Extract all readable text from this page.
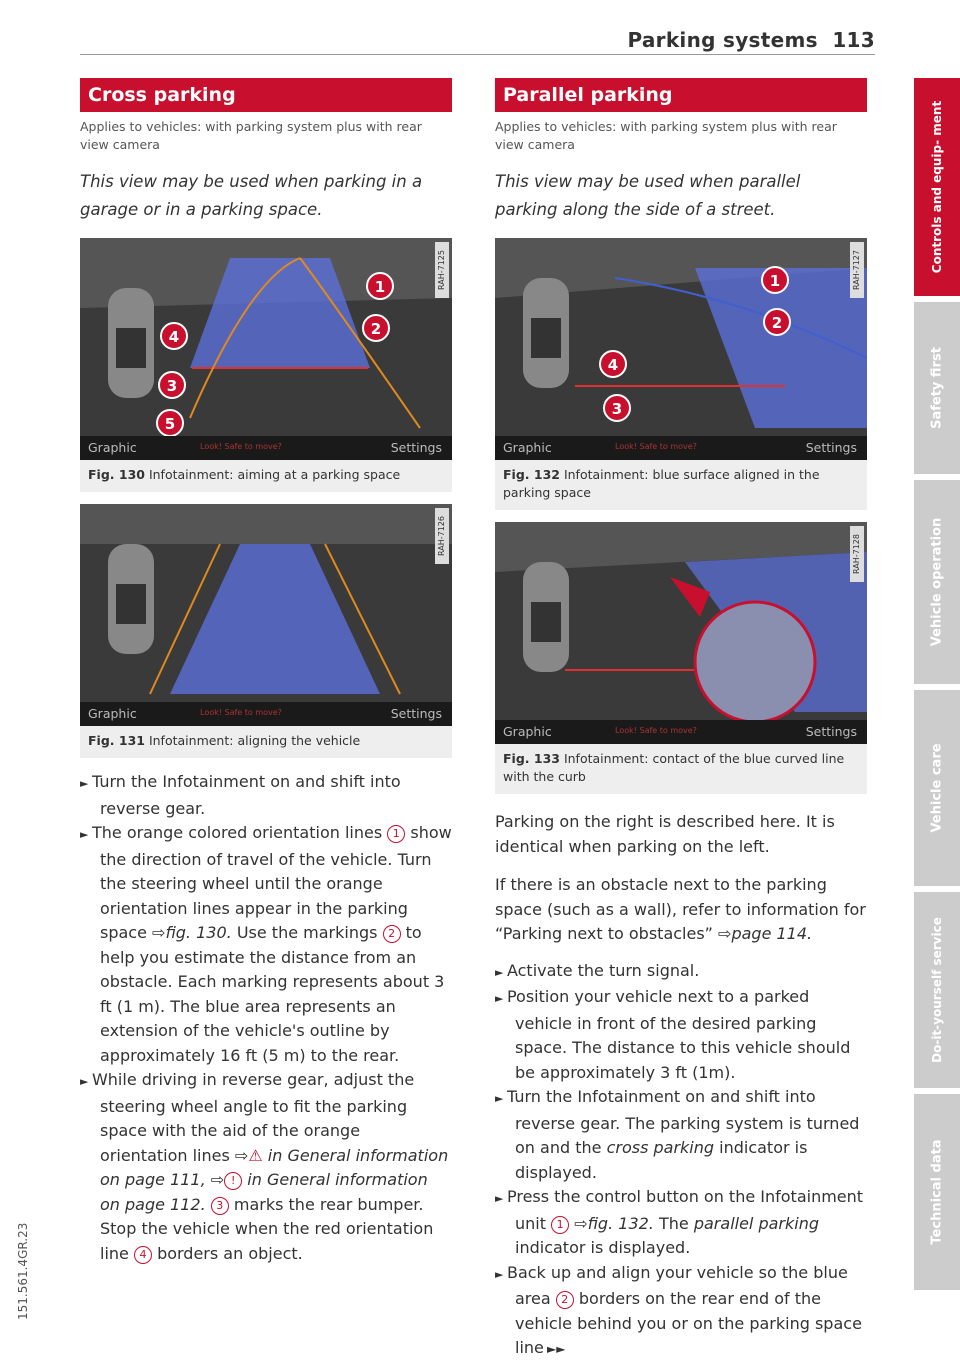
Parking systems 113
151.561.4GR.23
Controls and equip- ment
Safety first
Vehicle operation
Vehicle care
Do-it-yourself service
Technical data
Cross parking
Applies to vehicles: with parking system plus with rear view camera
This view may be used when parking in a garage or in a parking space.
1
2
4
3
5
RAH-7125
Graphic	Look! Safe to move?	Settings
Fig. 130 Infotainment: aiming at a parking space
RAH-7126
Graphic	Look! Safe to move?	Settings
Fig. 131 Infotainment: aligning the vehicle

► Turn the Infotainment on and shift into reverse gear.

► The orange colored orientation lines 1 show the direction of travel of the vehicle. Turn the steering wheel until the orange orientation lines appear in the parking space ⇨fig. 130. Use the markings 2 to help you estimate the distance from an obstacle. Each marking represents about 3 ft (1 m). The blue area represents an extension of the vehicle's outline by approximately 16 ft (5 m) to the rear.

► While driving in reverse gear, adjust the steering wheel angle to fit the parking space with the aid of the orange orientation lines ⇨⚠ in General information on page 111, ⇨ ! in General information on page 112. 3 marks the rear bumper. Stop the vehicle when the red orientation line 4 borders an object.

Parallel parking
Applies to vehicles: with parking system plus with rear view camera
This view may be used when parallel parking along the side of a street.
1
2
4
3
RAH-7127
Graphic	Look! Safe to move?	Settings
Fig. 132 Infotainment: blue surface aligned in the parking space
RAH-7128
Graphic	Look! Safe to move?	Settings
Fig. 133 Infotainment: contact of the blue curved line with the curb

Parking on the right is described here. It is identical when parking on the left.

If there is an obstacle next to the parking space (such as a wall), refer to information for “Parking next to obstacles” ⇨page 114.

► Activate the turn signal.

► Position your vehicle next to a parked vehicle in front of the desired parking space. The distance to this vehicle should be approximately 3 ft (1m).

► Turn the Infotainment on and shift into reverse gear. The parking system is turned on and the cross parking indicator is displayed.

► Press the control button on the Infotainment unit 1 ⇨fig. 132. The parallel parking indicator is displayed.

► Back up and align your vehicle so the blue area 2 borders on the rear end of the vehicle behind you or on the parking space line ►►
